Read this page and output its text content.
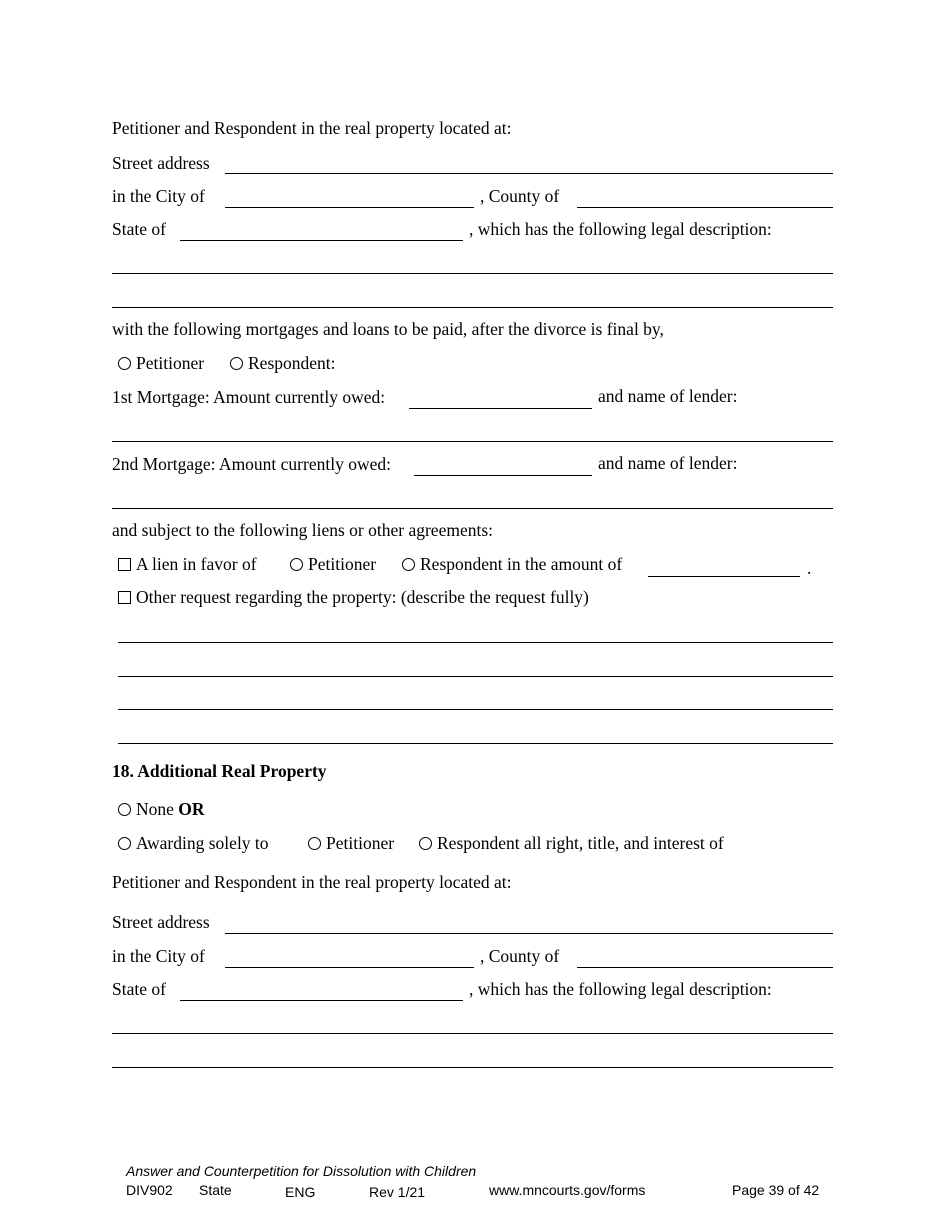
Petitioner and Respondent in the real property located at:
Street address
in the City of	, County of
State of	, which has the following legal description:
with the following mortgages and loans to be paid, after the divorce is final by,
Petitioner	Respondent:
1st Mortgage: Amount currently owed:	and name of lender:
2nd Mortgage: Amount currently owed:	and name of lender:
and subject to the following liens or other agreements:
A lien in favor of	Petitioner	Respondent in the amount of	.
Other request regarding the property: (describe the request fully)
18. Additional Real Property
None OR
Awarding solely to	Petitioner	Respondent all right, title, and interest of
Petitioner and Respondent in the real property located at:
Street address
in the City of	, County of
State of	, which has the following legal description:
Answer and Counterpetition for Dissolution with Children
DIV902 State	ENG	Rev 1/21	www.mncourts.gov/forms	Page 39 of 42
